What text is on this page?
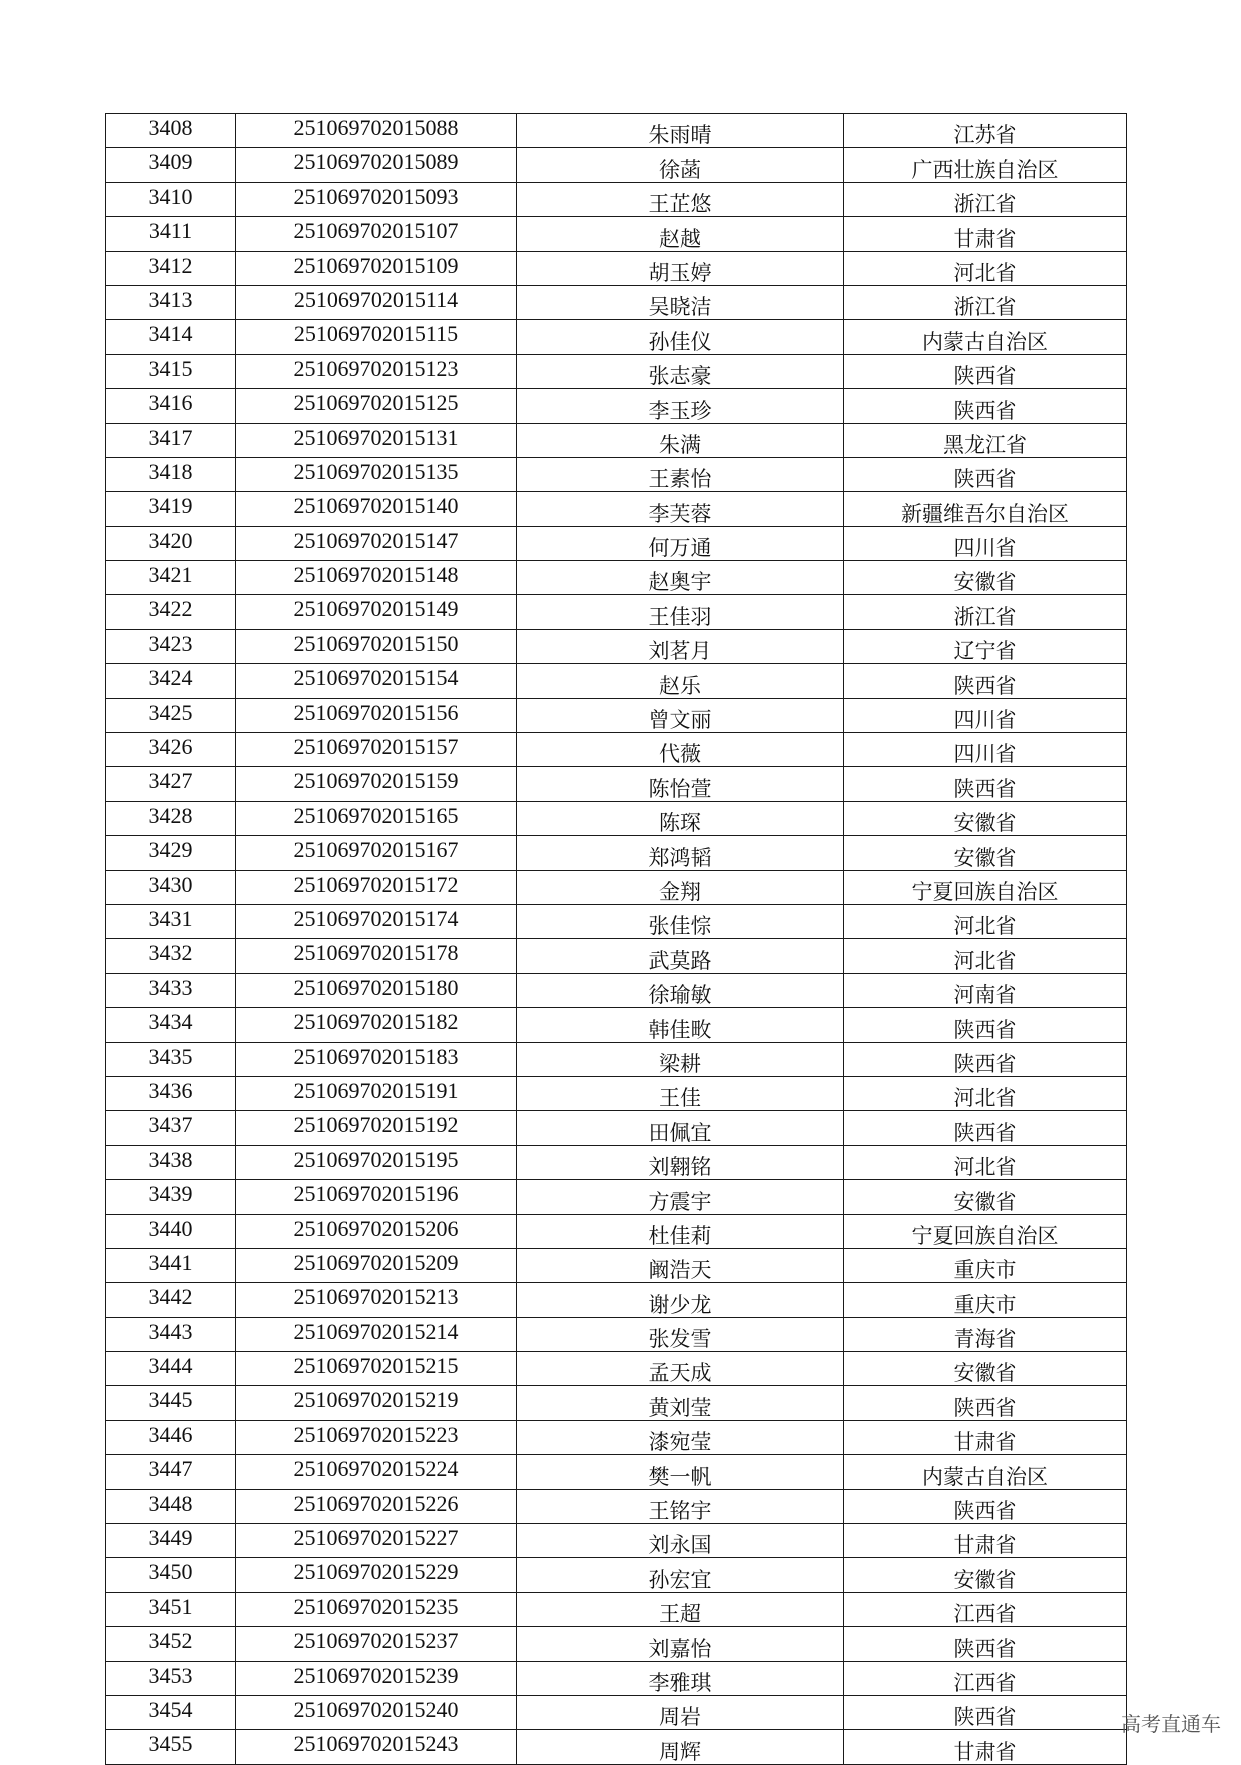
3408	251069702015088	朱雨晴	江苏省
3409	251069702015089	徐菡	广西壮族自治区
3410	251069702015093	王芷悠	浙江省
3411	251069702015107	赵越	甘肃省
3412	251069702015109	胡玉婷	河北省
3413	251069702015114	吴晓洁	浙江省
3414	251069702015115	孙佳仪	内蒙古自治区
3415	251069702015123	张志豪	陕西省
3416	251069702015125	李玉珍	陕西省
3417	251069702015131	朱满	黑龙江省
3418	251069702015135	王素怡	陕西省
3419	251069702015140	李芙蓉	新疆维吾尔自治区
3420	251069702015147	何万通	四川省
3421	251069702015148	赵奥宇	安徽省
3422	251069702015149	王佳羽	浙江省
3423	251069702015150	刘茗月	辽宁省
3424	251069702015154	赵乐	陕西省
3425	251069702015156	曾文丽	四川省
3426	251069702015157	代薇	四川省
3427	251069702015159	陈怡萱	陕西省
3428	251069702015165	陈琛	安徽省
3429	251069702015167	郑鸿韬	安徽省
3430	251069702015172	金翔	宁夏回族自治区
3431	251069702015174	张佳悰	河北省
3432	251069702015178	武莫路	河北省
3433	251069702015180	徐瑜敏	河南省
3434	251069702015182	韩佳畋	陕西省
3435	251069702015183	梁耕	陕西省
3436	251069702015191	王佳	河北省
3437	251069702015192	田佩宜	陕西省
3438	251069702015195	刘翱铭	河北省
3439	251069702015196	方震宇	安徽省
3440	251069702015206	杜佳莉	宁夏回族自治区
3441	251069702015209	阚浩天	重庆市
3442	251069702015213	谢少龙	重庆市
3443	251069702015214	张发雪	青海省
3444	251069702015215	孟天成	安徽省
3445	251069702015219	黄刘莹	陕西省
3446	251069702015223	漆宛莹	甘肃省
3447	251069702015224	樊一帆	内蒙古自治区
3448	251069702015226	王铭宇	陕西省
3449	251069702015227	刘永国	甘肃省
3450	251069702015229	孙宏宜	安徽省
3451	251069702015235	王超	江西省
3452	251069702015237	刘嘉怡	陕西省
3453	251069702015239	李雅琪	江西省
3454	251069702015240	周岩	陕西省
3455	251069702015243	周辉	甘肃省
高考直通车
